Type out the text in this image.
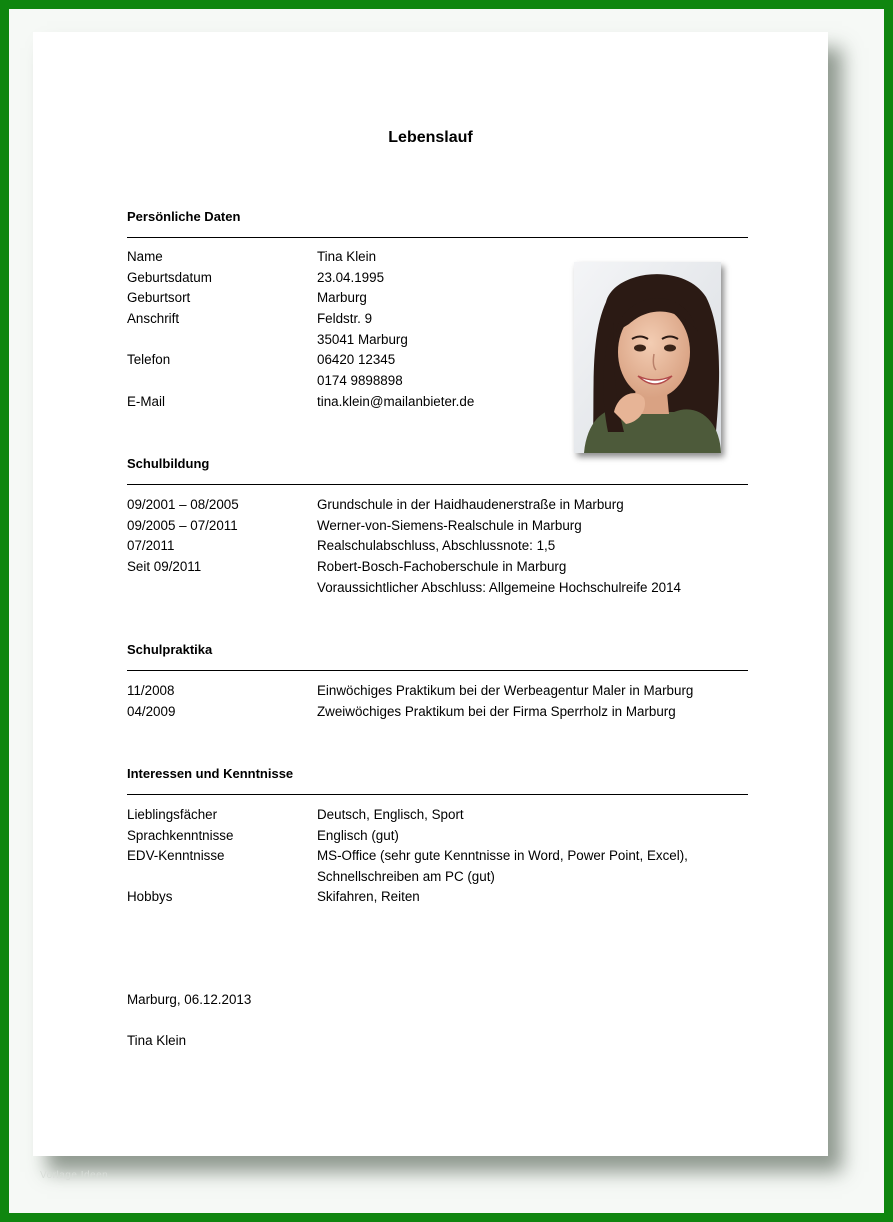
Lebenslauf
Persönliche Daten
Name	Tina Klein
Geburtsdatum	23.04.1995
Geburtsort	Marburg
Anschrift	Feldstr. 9
35041 Marburg
Telefon	06420 12345
0174 9898898
E-Mail	tina.klein@mailanbieter.de
Schulbildung
09/2001 – 08/2005	Grundschule in der Haidhaudenerstraße in Marburg
09/2005 – 07/2011	Werner-von-Siemens-Realschule in Marburg
07/2011	Realschulabschluss, Abschlussnote: 1,5
Seit 09/2011	Robert-Bosch-Fachoberschule in Marburg
Voraussichtlicher Abschluss: Allgemeine Hochschulreife 2014
Schulpraktika
11/2008	Einwöchiges Praktikum bei der Werbeagentur Maler in Marburg
04/2009	Zweiwöchiges Praktikum bei der Firma Sperrholz in Marburg
Interessen und Kenntnisse
Lieblingsfächer	Deutsch, Englisch, Sport
Sprachkenntnisse	Englisch (gut)
EDV-Kenntnisse	MS-Office (sehr gute Kenntnisse in Word, Power Point, Excel),
Schnellschreiben am PC (gut)
Hobbys	Skifahren, Reiten
Marburg, 06.12.2013
Tina Klein
Vorlage Ideen
